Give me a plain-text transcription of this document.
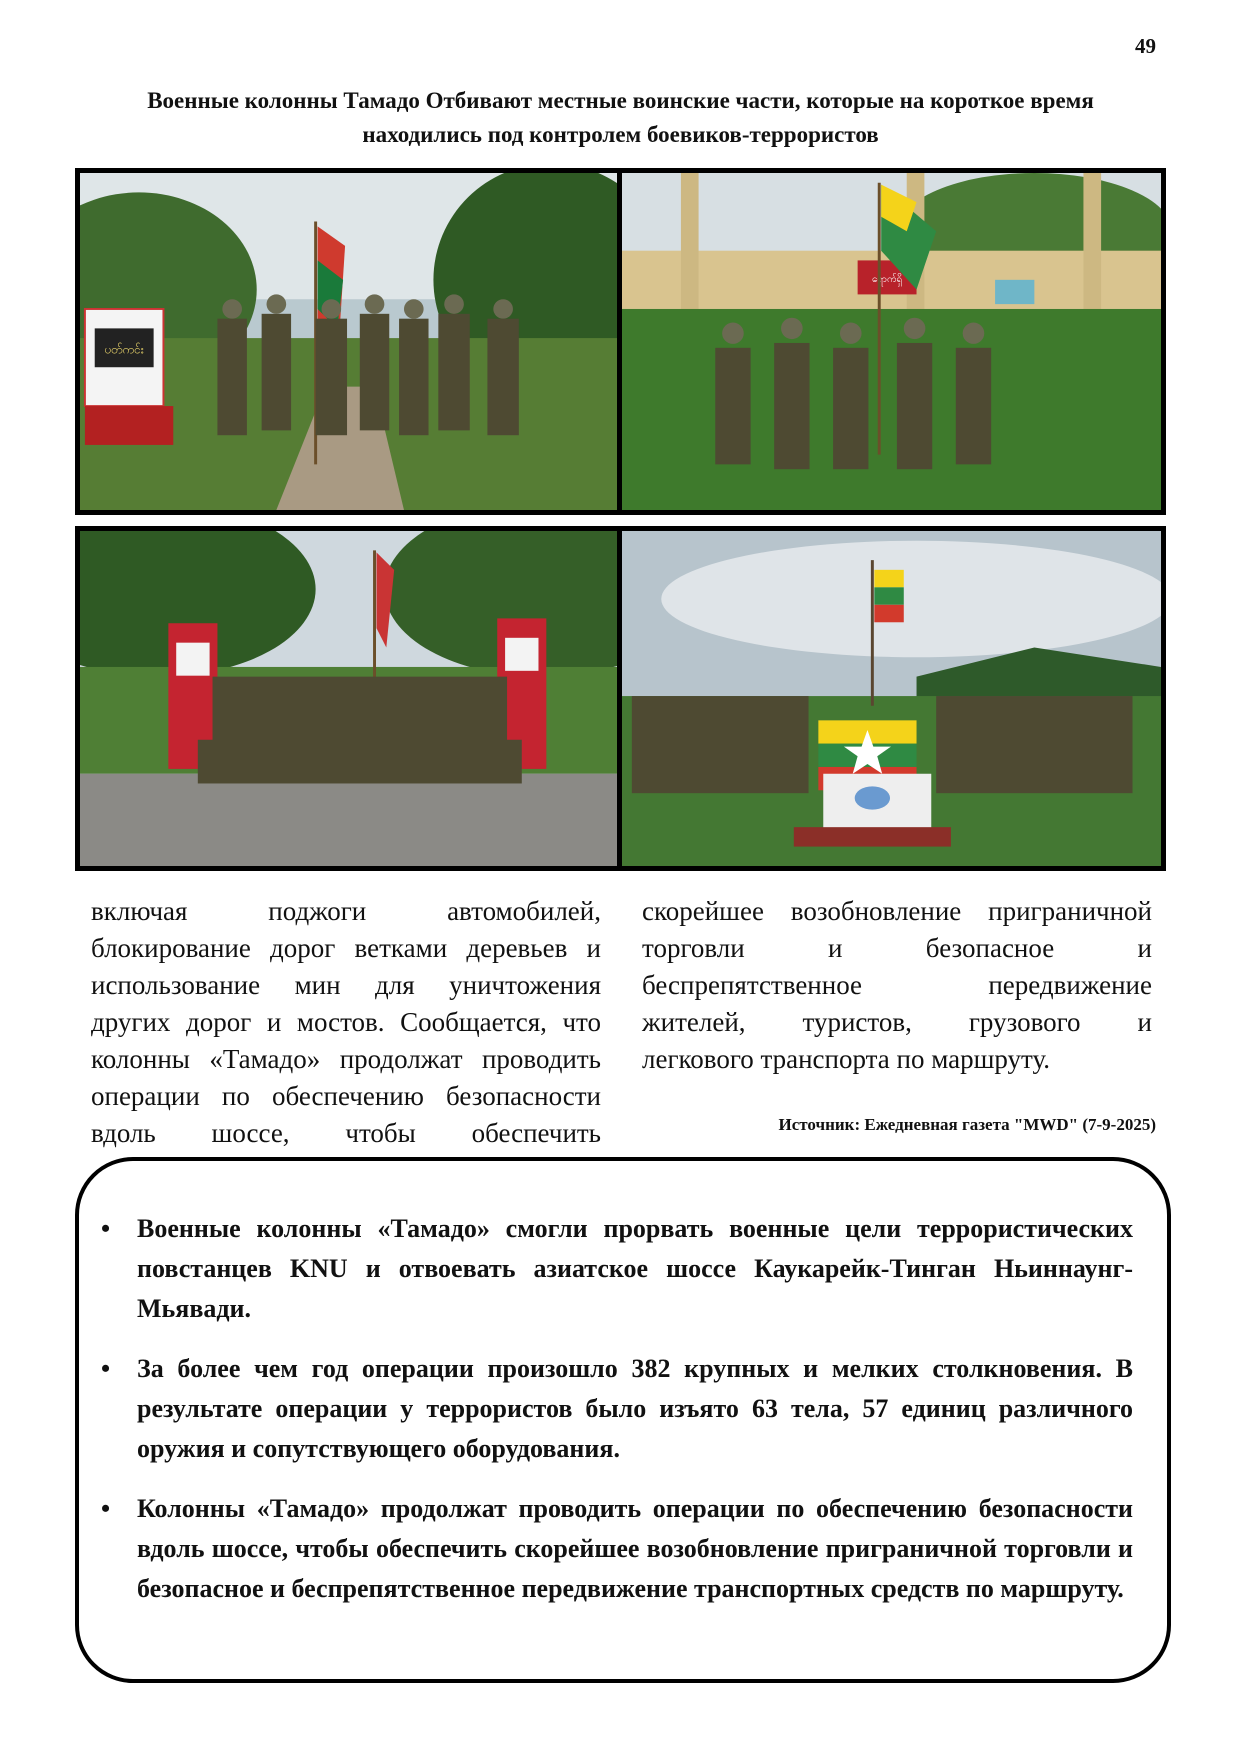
49
Военные колонны Тамадо Отбивают местные воинские части, которые на короткое время
находились под контролем боевиков-террористов
ပတ်ကင်း
ရောက်ရှိ
включая поджоги автомобилей,
блокирование дорог ветками деревьев и
использование мин для уничтожения
других дорог и мостов. Сообщается, что
колонны «Тамадо» продолжат проводить
операции по обеспечению безопасности
вдоль шоссе, чтобы обеспечить
скорейшее возобновление приграничной
торговли и безопасное и
беспрепятственное передвижение
жителей, туристов, грузового и
легкового транспорта по маршруту.
Источник: Ежедневная газета "MWD" (7-9-2025)
• Военные колонны «Тамадо» смогли прорвать военные цели террористических повстанцев KNU и отвоевать азиатское шоссе Каукарейк-Тинган Ньиннаунг-Мьявади.
• За более чем год операции произошло 382 крупных и мелких столкновения. В результате операции у террористов было изъято 63 тела, 57 единиц различного оружия и сопутствующего оборудования.
• Колонны «Тамадо» продолжат проводить операции по обеспечению безопасности вдоль шоссе, чтобы обеспечить скорейшее возобновление приграничной торговли и безопасное и беспрепятственное передвижение транспортных средств по маршруту.
